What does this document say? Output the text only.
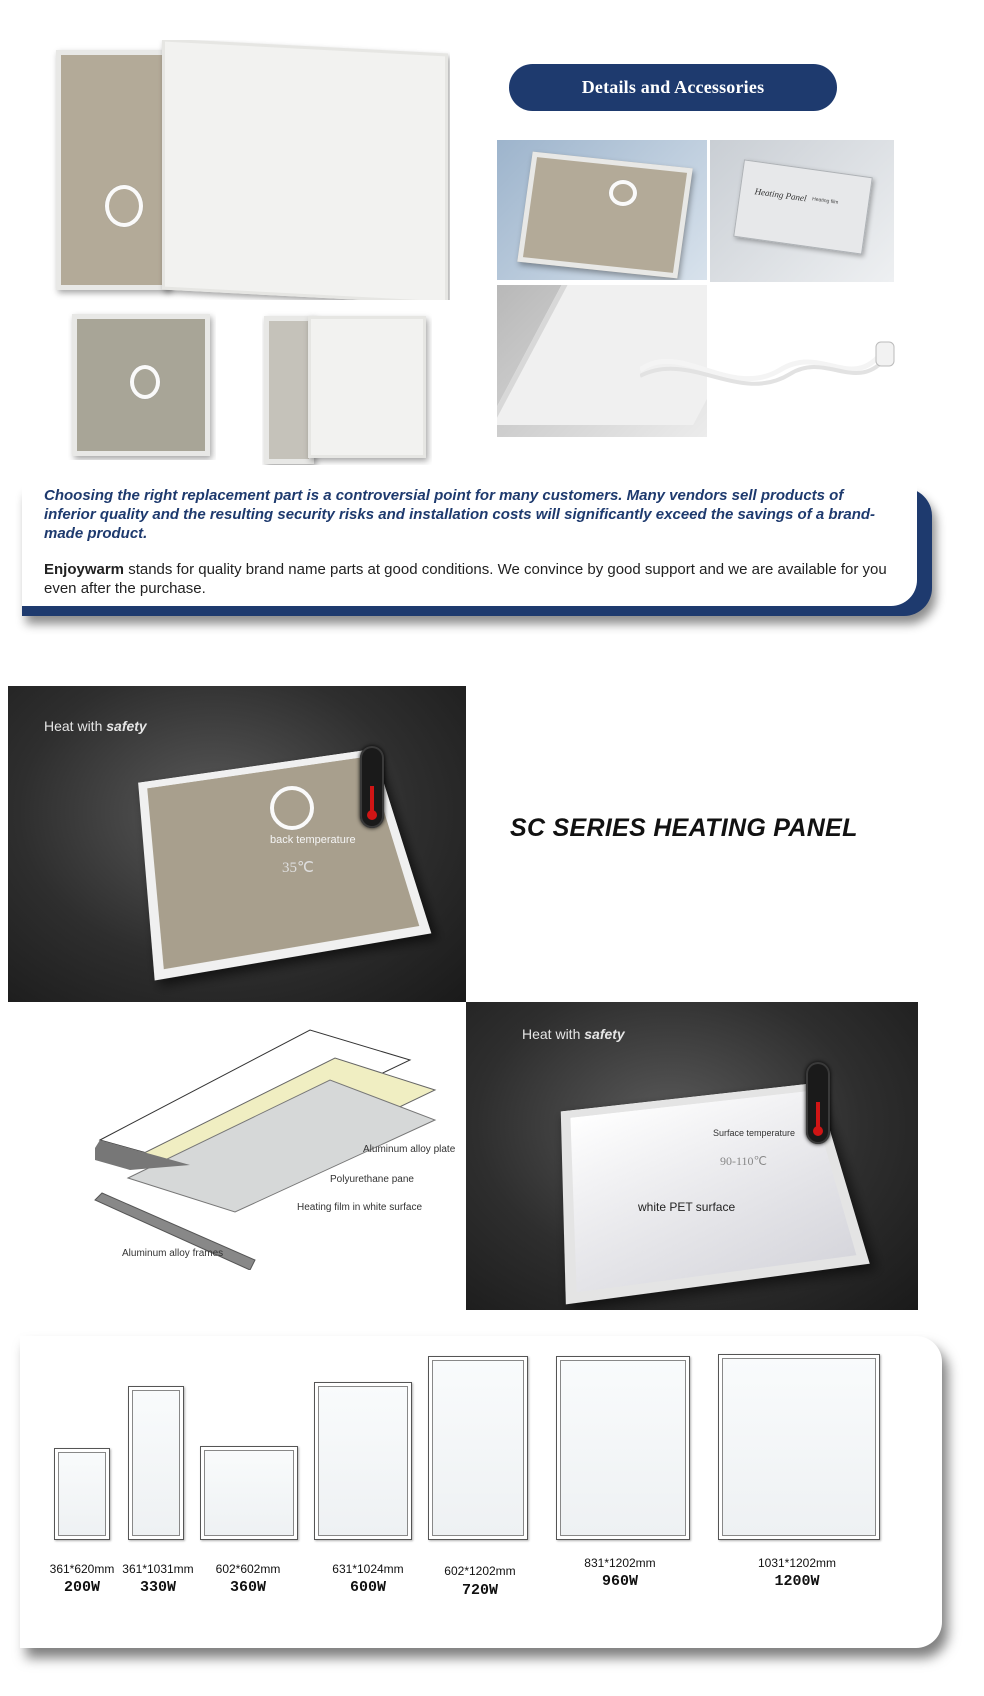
Details and Accessories
Heating Panel Heating film

Choosing the right replacement part is a controversial point for many customers. Many vendors sell products of inferior quality and the resulting security risks and installation costs will significantly exceed the savings of a brand-made product.

Enjoywarm stands for quality brand name parts at good conditions. We convince by good support and we are available for you even after the purchase.

Heat with safety
back temperature
35℃
SC SERIES HEATING PANEL
Aluminum alloy plate
Polyurethane pane
Heating film in white surface
Aluminum alloy frames
Heat with safety
Surface temperature
90-110℃
white PET surface
361*620mm
200W
361*1031mm
330W
602*602mm
360W
631*1024mm
600W
602*1202mm
720W
831*1202mm
960W
1031*1202mm
1200W
